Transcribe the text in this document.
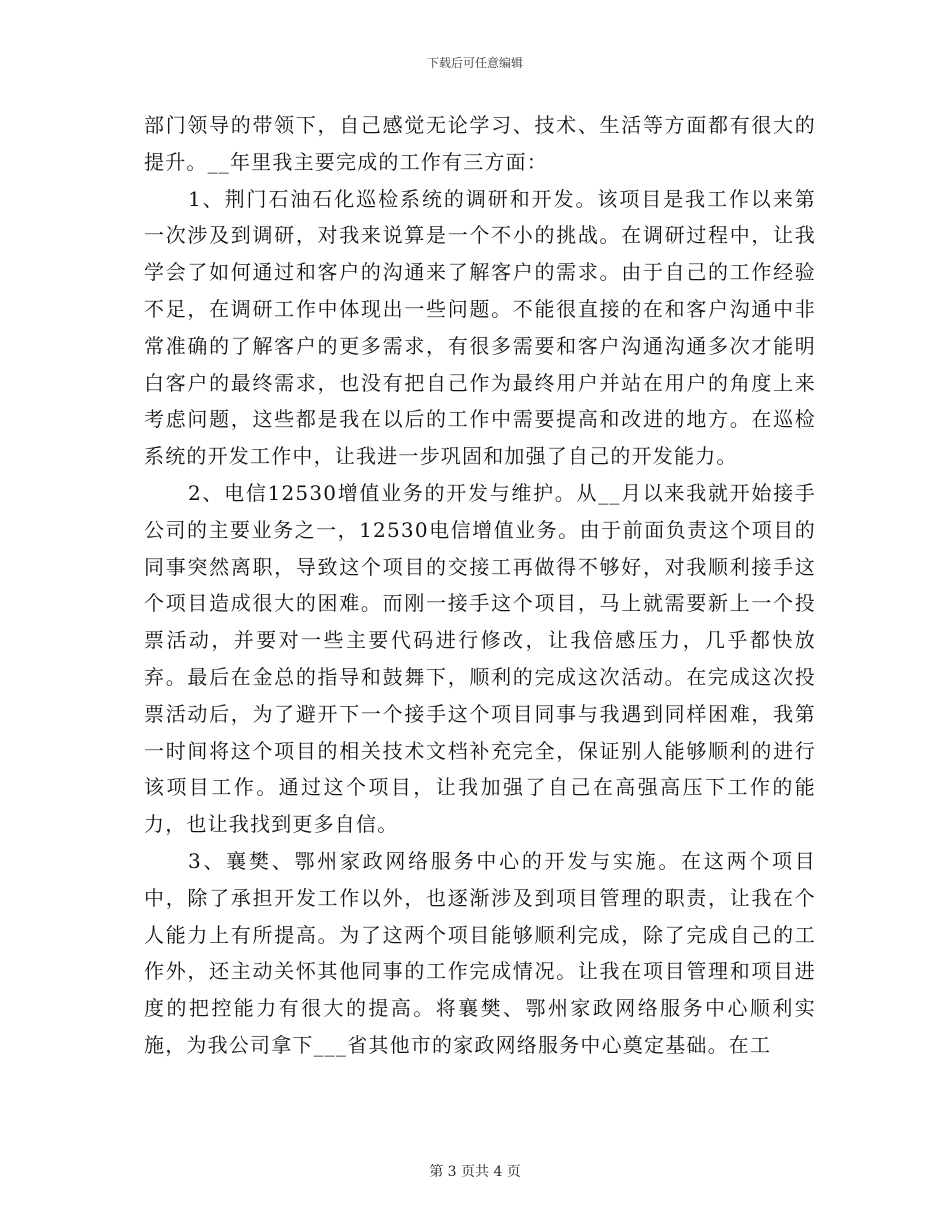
下载后可任意编辑

部门领导的带领下，自己感觉无论学习、技术、生活等方面都有很大的提升。__年里我主要完成的工作有三方面：

1、荆门石油石化巡检系统的调研和开发。该项目是我工作以来第一次涉及到调研，对我来说算是一个不小的挑战。在调研过程中，让我学会了如何通过和客户的沟通来了解客户的需求。由于自己的工作经验不足，在调研工作中体现出一些问题。不能很直接的在和客户沟通中非常准确的了解客户的更多需求，有很多需要和客户沟通沟通多次才能明白客户的最终需求，也没有把自己作为最终用户并站在用户的角度上来考虑问题，这些都是我在以后的工作中需要提高和改进的地方。在巡检系统的开发工作中，让我进一步巩固和加强了自己的开发能力。

2、电信12530增值业务的开发与维护。从__月以来我就开始接手公司的主要业务之一，12530电信增值业务。由于前面负责这个项目的同事突然离职，导致这个项目的交接工再做得不够好，对我顺利接手这个项目造成很大的困难。而刚一接手这个项目，马上就需要新上一个投票活动，并要对一些主要代码进行修改，让我倍感压力，几乎都快放弃。最后在金总的指导和鼓舞下，顺利的完成这次活动。在完成这次投票活动后，为了避开下一个接手这个项目同事与我遇到同样困难，我第一时间将这个项目的相关技术文档补充完全，保证别人能够顺利的进行该项目工作。通过这个项目，让我加强了自己在高强高压下工作的能力，也让我找到更多自信。

3、襄樊、鄂州家政网络服务中心的开发与实施。在这两个项目中，除了承担开发工作以外，也逐渐涉及到项目管理的职责，让我在个人能力上有所提高。为了这两个项目能够顺利完成，除了完成自己的工作外，还主动关怀其他同事的工作完成情况。让我在项目管理和项目进度的把控能力有很大的提高。将襄樊、鄂州家政网络服务中心顺利实施，为我公司拿下___省其他市的家政网络服务中心奠定基础。在工

第 3 页共 4 页
